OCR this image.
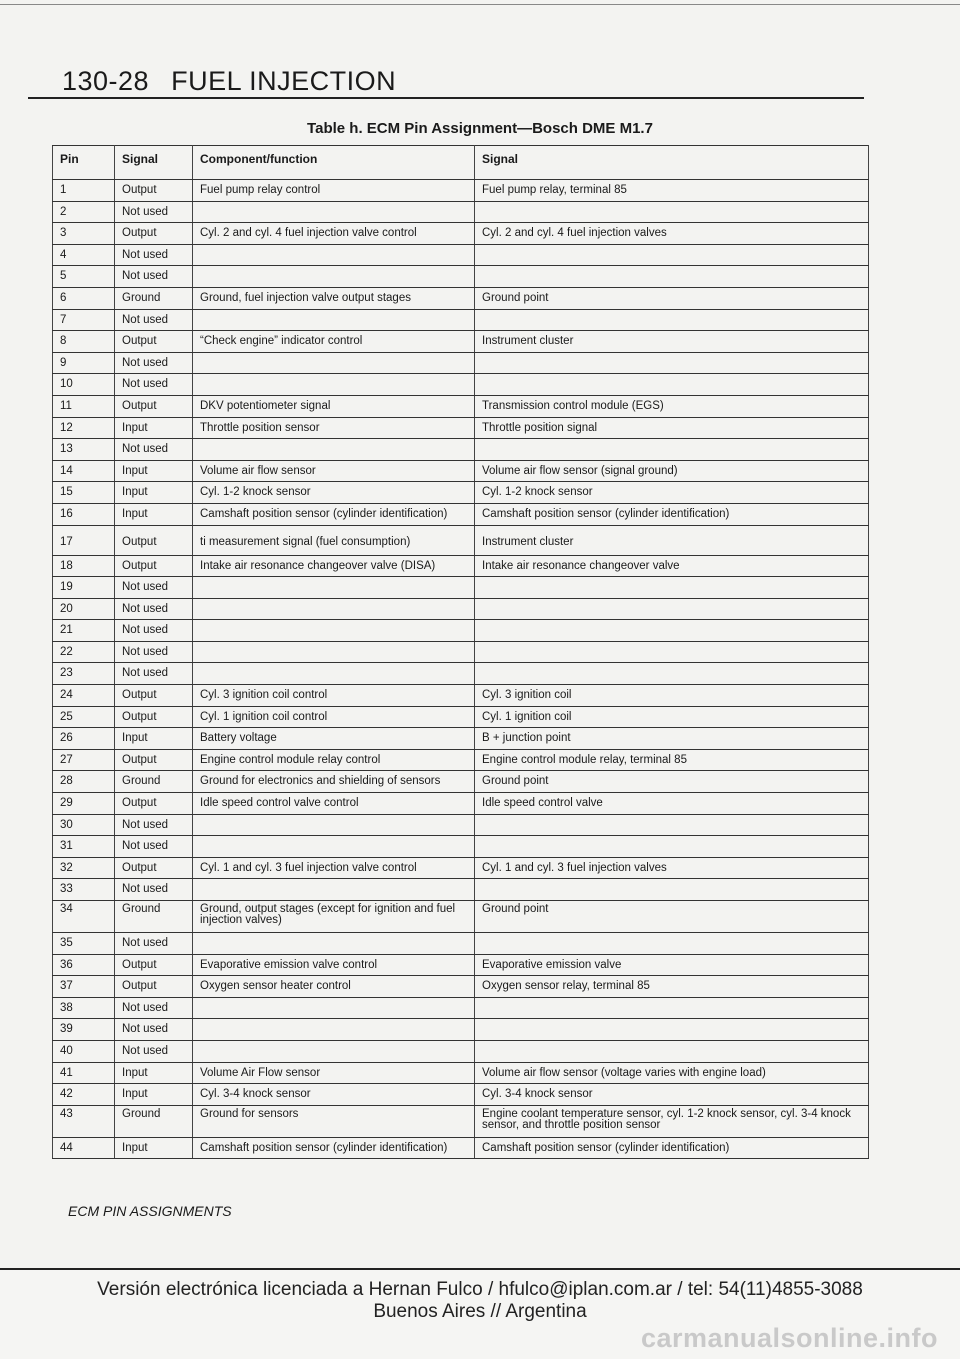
130-28 FUEL INJECTION
Table h. ECM Pin Assignment—Bosch DME M1.7
Pin	Signal	Component/function	Signal
1	Output	Fuel pump relay control	Fuel pump relay, terminal 85
2	Not used		
3	Output	Cyl. 2 and cyl. 4 fuel injection valve control	Cyl. 2 and cyl. 4 fuel injection valves
4	Not used		
5	Not used		
6	Ground	Ground, fuel injection valve output stages	Ground point
7	Not used		
8	Output	“Check engine” indicator control	Instrument cluster
9	Not used		
10	Not used		
11	Output	DKV potentiometer signal	Transmission control module (EGS)
12	Input	Throttle position sensor	Throttle position signal
13	Not used		
14	Input	Volume air flow sensor	Volume air flow sensor (signal ground)
15	Input	Cyl. 1-2 knock sensor	Cyl. 1-2 knock sensor
16	Input	Camshaft position sensor (cylinder identification)	Camshaft position sensor (cylinder identification)
17	Output	ti measurement signal (fuel consumption)	Instrument cluster
18	Output	Intake air resonance changeover valve (DISA)	Intake air resonance changeover valve
19	Not used		
20	Not used		
21	Not used		
22	Not used		
23	Not used		
24	Output	Cyl. 3 ignition coil control	Cyl. 3 ignition coil
25	Output	Cyl. 1 ignition coil control	Cyl. 1 ignition coil
26	Input	Battery voltage	B + junction point
27	Output	Engine control module relay control	Engine control module relay, terminal 85
28	Ground	Ground for electronics and shielding of sensors	Ground point
29	Output	Idle speed control valve control	Idle speed control valve
30	Not used		
31	Not used		
32	Output	Cyl. 1 and cyl. 3 fuel injection valve control	Cyl. 1 and cyl. 3 fuel injection valves
33	Not used		
34	Ground	Ground, output stages (except for ignition and fuel injection valves)	Ground point
35	Not used		
36	Output	Evaporative emission valve control	Evaporative emission valve
37	Output	Oxygen sensor heater control	Oxygen sensor relay, terminal 85
38	Not used		
39	Not used		
40	Not used		
41	Input	Volume Air Flow sensor	Volume air flow sensor (voltage varies with engine load)
42	Input	Cyl. 3-4 knock sensor	Cyl. 3-4 knock sensor
43	Ground	Ground for sensors	Engine coolant temperature sensor, cyl. 1-2 knock sensor, cyl. 3-4 knock sensor, and throttle position sensor
44	Input	Camshaft position sensor (cylinder identification)	Camshaft position sensor (cylinder identification)
ECM PIN ASSIGNMENTS
Versión electrónica licenciada a Hernan Fulco / hfulco@iplan.com.ar / tel: 54(11)4855-3088
Buenos Aires // Argentina
carmanualsonline.info
